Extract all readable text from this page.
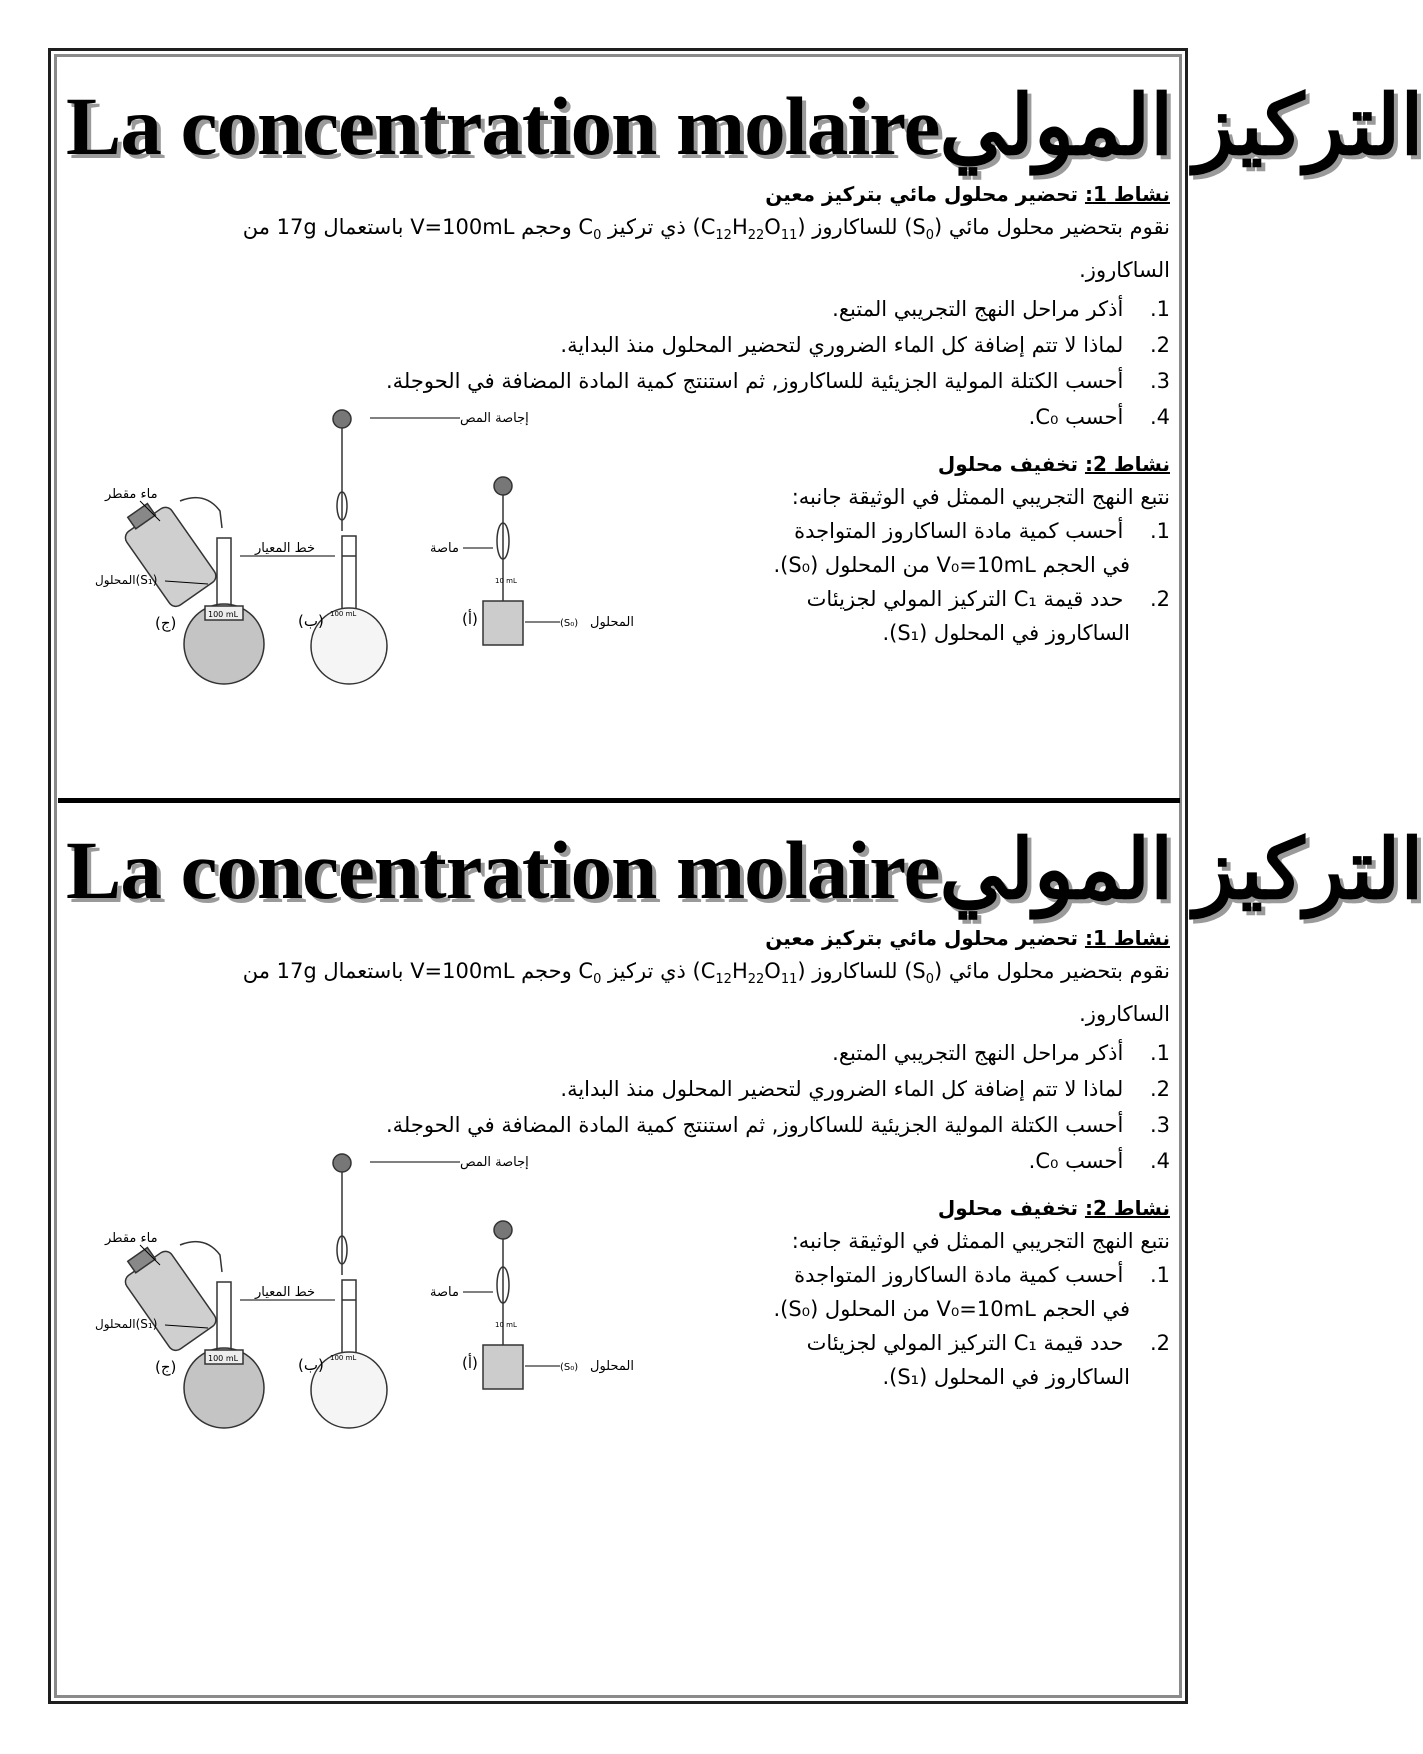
La concentration molaire التركيز المولي
نشاط 1: تحضير محلول مائي بتركيز معين
نقوم بتحضير محلول مائي $(S_0)$ للساكاروز $(C_{12}H_{22}O_{11})$ ذي تركيز $C_0$ وحجم V=100mL باستعمال 17g من
الساكاروز.
1. أذكر مراحل النهج التجريبي المتبع.
2. لماذا لا تتم إضافة كل الماء الضروري لتحضير المحلول منذ البداية.
3. أحسب الكتلة المولية الجزيئية للساكاروز, ثم استنتج كمية المادة المضافة في الحوجلة.
4. أحسب C₀.
نشاط 2: تخفيف محلول
نتبع النهج التجريبي الممثل في الوثيقة جانبه:
1. أحسب كمية مادة الساكاروز المتواجدة
في الحجم V₀=10mL من المحلول (S₀).
2. حدد قيمة C₁ التركيز المولي لجزيئات
الساكاروز في المحلول (S₁).
ماء مقطر
100 mL
المحلول(S₁)
(ج)	100 mL
خط المعيار
إجاصة المص
(ب)
10 mL
ماصة
(S₀) المحلول
(أ)
La concentration molaire التركيز المولي
نشاط 1: تحضير محلول مائي بتركيز معين
نقوم بتحضير محلول مائي $(S_0)$ للساكاروز $(C_{12}H_{22}O_{11})$ ذي تركيز $C_0$ وحجم V=100mL باستعمال 17g من
الساكاروز.
1. أذكر مراحل النهج التجريبي المتبع.
2. لماذا لا تتم إضافة كل الماء الضروري لتحضير المحلول منذ البداية.
3. أحسب الكتلة المولية الجزيئية للساكاروز, ثم استنتج كمية المادة المضافة في الحوجلة.
4. أحسب C₀.
نشاط 2: تخفيف محلول
نتبع النهج التجريبي الممثل في الوثيقة جانبه:
1. أحسب كمية مادة الساكاروز المتواجدة
في الحجم V₀=10mL من المحلول (S₀).
2. حدد قيمة C₁ التركيز المولي لجزيئات
الساكاروز في المحلول (S₁).
ماء مقطر
100 mL
المحلول(S₁)
(ج)	100 mL
خط المعيار
إجاصة المص
(ب)
10 mL
ماصة
(S₀) المحلول
(أ)
